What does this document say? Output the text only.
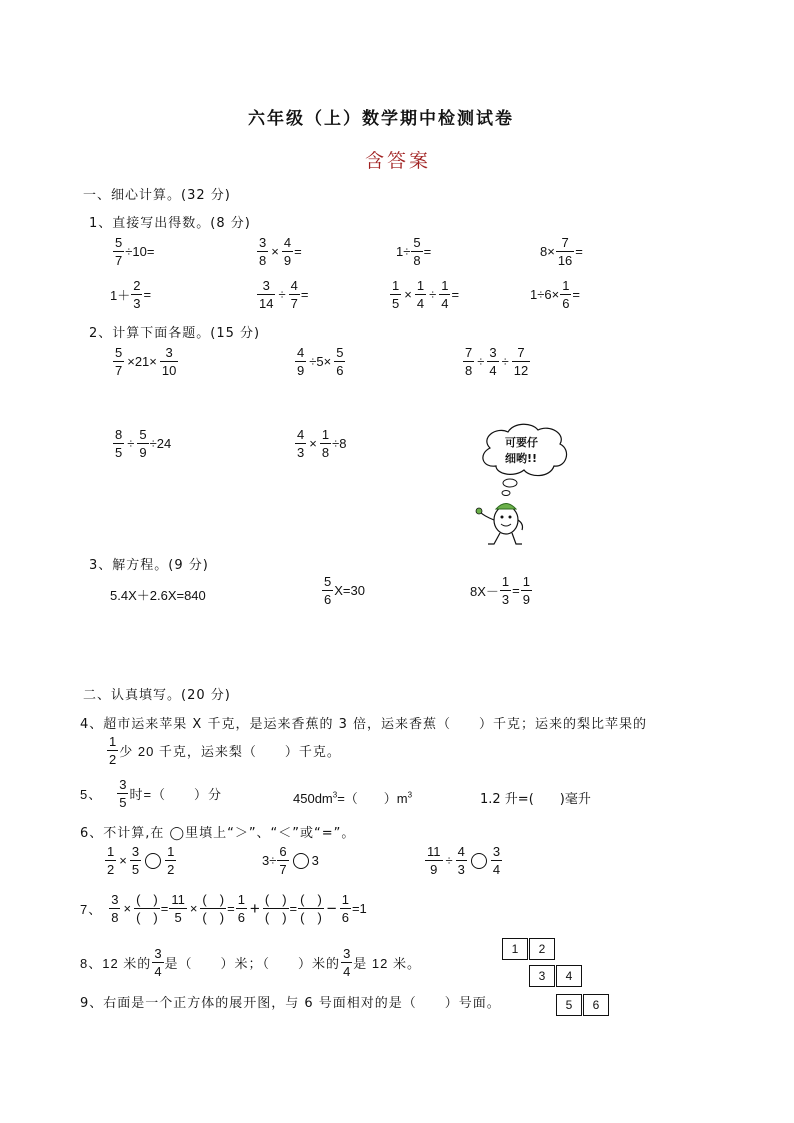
六年级（上）数学期中检测试卷
含答案
一、细心计算。(32 分)
1、直接写出得数。(8 分)
$\frac{5}{7} \div 10=$	$\frac{3}{8} \times \frac{4}{9}$ =	$1\div \frac{5}{8}$ =	$8\times \frac{7}{16}$ =
$1+ \frac{2}{3}$ =	$\frac{3}{14} \div \frac{4}{7}$ =	$\frac{1}{5} \times \frac{1}{4} \div \frac{1}{4}$ =	$1\div 6\times \frac{1}{6}$ =
2、计算下面各题。(15 分)
$\frac{5}{7} \times 21\times \frac{3}{10}$	$\frac{4}{9} \div 5\times \frac{5}{6}$	$\frac{7}{8} \div \frac{3}{4} \div \frac{7}{12}$
$\frac{8}{5} \div \frac{5}{9} \div 24$	$\frac{4}{3} \times \frac{1}{8} \div 8$	可要仔
细哟!!
3、解方程。(9 分)
5.4X＋2.6X=840	$\frac{5}{6} X=30$	$8X- \frac{1}{3} = \frac{1}{9}$
二、认真填写。(20 分)
4、超市运来苹果 X 千克，是运来香蕉的 3 倍，运来香蕉（　　）千克；运来的梨比苹果的
$\frac{1}{2}$ 少 20 千克，运来梨（　　）千克。
5、 $\frac{3}{5}$ 时=（　　）分	$450dm^3=$（　　）$m^3$	1.2 升=(　　)毫升
6、不计算,在 ◯里填上“＞”、“＜”或“=”。
$\frac{1}{2} \times \frac{3}{5} \frac{1}{2}$	$3\div \frac{6}{7} 3$	$\frac{11}{9} \div \frac{4}{3} \frac{3}{4}$
7、 $\frac{3}{8} \times \frac{( )}{( )} = \frac{11}{5} \times \frac{( )}{( )} = \frac{1}{6} + \frac{( )}{( )} = \frac{( )}{( )} - \frac{1}{6} =1$
8、12 米的 $\frac{3}{4}$ 是（　　）米；（　　）米的 $\frac{3}{4}$ 是 12 米。
9、右面是一个正方体的展开图，与 6 号面相对的是（　　）号面。
1	2
3	4
5	6
